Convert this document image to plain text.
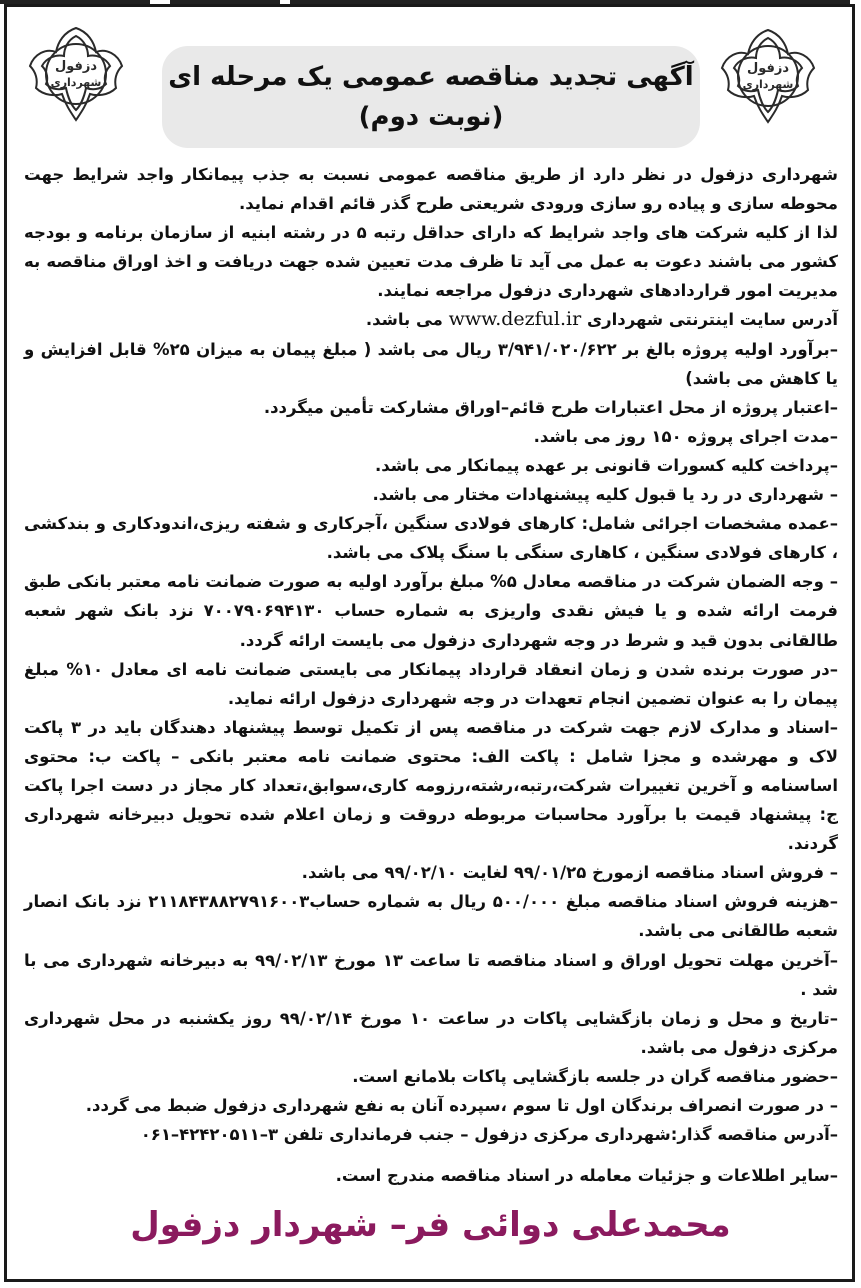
دزفول
شهرداری
دزفول
شهرداری
آگهی تجدید مناقصه عمومی یک مرحله ای
(نوبت دوم)

شهرداری دزفول در نظر دارد از طریق مناقصه عمومی نسبت به جذب پیمانکار واجد شرایط جهت محوطه سازی و پیاده رو سازی ورودی شریعتی طرح گذر قائم اقدام نماید.

لذا از کلیه شرکت های واجد شرایط که دارای حداقل رتبه ۵ در رشته ابنیه از سازمان برنامه و بودجه کشور می باشند دعوت به عمل می آید تا ظرف مدت تعیین شده جهت دریافت و اخذ اوراق مناقصه به مدیریت امور قراردادهای شهرداری دزفول مراجعه نمایند.

آدرس سایت اینترنتی شهرداری www.dezful.ir می باشد.

–برآورد اولیه پروژه بالغ بر ۳/۹۴۱/۰۲۰/۶۲۲ ریال می باشد ( مبلغ پیمان به میزان ۲۵% قابل افزایش و یا کاهش می باشد)

–اعتبار پروژه از محل اعتبارات طرح قائم–اوراق مشارکت تأمین میگردد.

–مدت اجرای پروژه ۱۵۰ روز می باشد.

–پرداخت کلیه کسورات قانونی بر عهده پیمانکار می باشد.

– شهرداری در رد یا قبول کلیه پیشنهادات مختار می باشد.

–عمده مشخصات اجرائی شامل: کارهای فولادی سنگین ،آجرکاری و شفته ریزی،اندودکاری و بندکشی ، کارهای فولادی سنگین ، کاهاری سنگی با سنگ پلاک می باشد.

– وجه الضمان شرکت در مناقصه معادل ۵% مبلغ برآورد اولیه به صورت ضمانت نامه معتبر بانکی طبق فرمت ارائه شده و یا فیش نقدی واریزی به شماره حساب ۷۰۰۷۹۰۶۹۴۱۳۰ نزد بانک شهر شعبه طالقانی بدون قید و شرط در وجه شهرداری دزفول می بایست ارائه گردد.

–در صورت برنده شدن و زمان انعقاد قرارداد پیمانکار می بایستی ضمانت نامه ای معادل ۱۰% مبلغ پیمان را به عنوان تضمین انجام تعهدات در وجه شهرداری دزفول ارائه نماید.

–اسناد و مدارک لازم جهت شرکت در مناقصه پس از تکمیل توسط پیشنهاد دهندگان باید در ۳ پاکت لاک و مهرشده و مجزا شامل : پاکت الف: محتوی ضمانت نامه معتبر بانکی – پاکت ب: محتوی اساسنامه و آخرین تغییرات شرکت،رتبه،رشته،رزومه کاری،سوابق،تعداد کار مجاز در دست اجرا پاکت ج: پیشنهاد قیمت با برآورد محاسبات مربوطه دروقت و زمان اعلام شده تحویل دبیرخانه شهرداری گردند.

– فروش اسناد مناقصه ازمورخ ۹۹/۰۱/۲۵ لغایت ۹۹/۰۲/۱۰ می باشد.

–هزینه فروش اسناد مناقصه مبلغ ۵۰۰/۰۰۰ ریال به شماره حساب۲۱۱۸۴۳۸۸۲۷۹۱۶۰۰۳ نزد بانک انصار شعبه طالقانی می باشد.

–آخرین مهلت تحویل اوراق و اسناد مناقصه تا ساعت ۱۳ مورخ ۹۹/۰۲/۱۳ به دبیرخانه شهرداری می با شد .

–تاریخ و محل و زمان بازگشایی پاکات در ساعت ۱۰ مورخ ۹۹/۰۲/۱۴ روز یکشنبه در محل شهرداری مرکزی دزفول می باشد.

–حضور مناقصه گران در جلسه بازگشایی پاکات بلامانع است.

– در صورت انصراف برندگان اول تا سوم ،سپرده آنان به نفع شهرداری دزفول ضبط می گردد.

–آدرس مناقصه گذار:شهرداری مرکزی دزفول – جنب فرمانداری تلفن ۳–۴۲۴۲۰۵۱۱–۰۶۱

–سایر اطلاعات و جزئیات معامله در اسناد مناقصه مندرج است.

محمدعلی دوائی فر– شهردار دزفول
